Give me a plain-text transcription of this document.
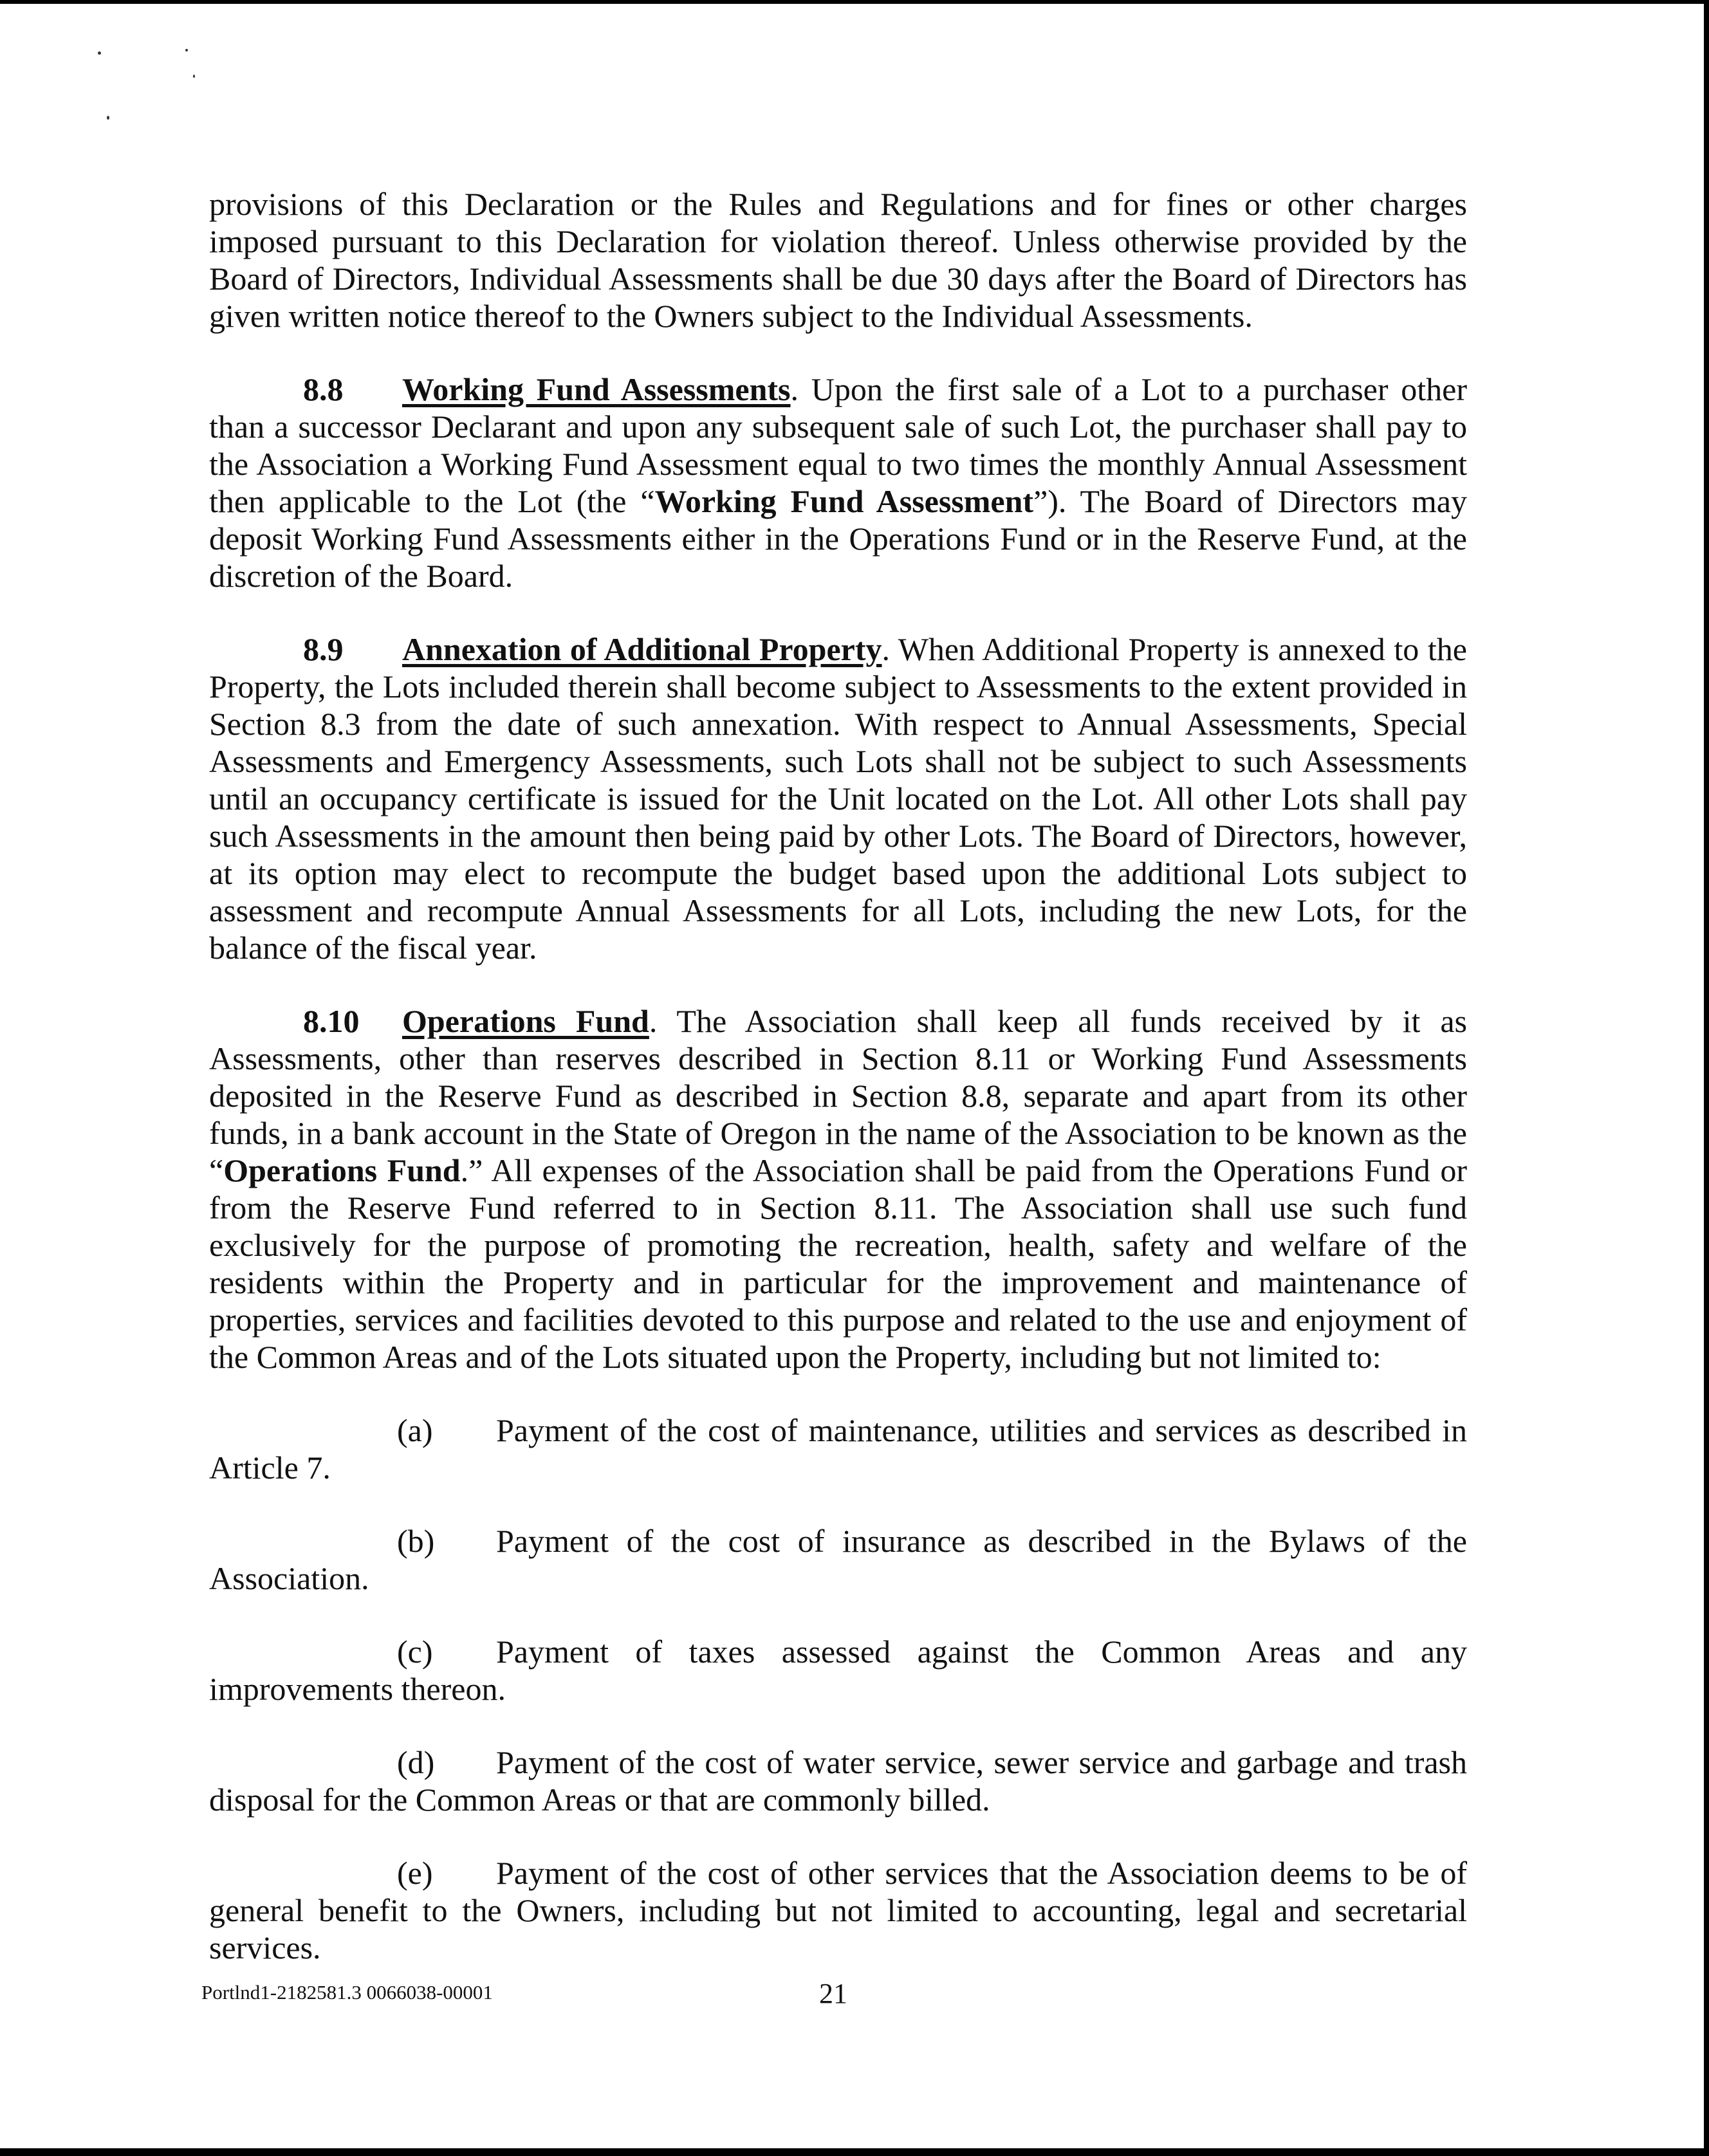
provisions of this Declaration or the Rules and Regulations and for fines or other charges imposed pursuant to this Declaration for violation thereof. Unless otherwise provided by the Board of Directors, Individual Assessments shall be due 30 days after the Board of Directors has given written notice thereof to the Owners subject to the Individual Assessments.

8.8 Working Fund Assessments. Upon the first sale of a Lot to a purchaser other than a successor Declarant and upon any subsequent sale of such Lot, the purchaser shall pay to the Association a Working Fund Assessment equal to two times the monthly Annual Assessment then applicable to the Lot (the “Working Fund Assessment”). The Board of Directors may deposit Working Fund Assessments either in the Operations Fund or in the Reserve Fund, at the discretion of the Board.

8.9 Annexation of Additional Property. When Additional Property is annexed to the Property, the Lots included therein shall become subject to Assessments to the extent provided in Section 8.3 from the date of such annexation. With respect to Annual Assessments, Special Assessments and Emergency Assessments, such Lots shall not be subject to such Assessments until an occupancy certificate is issued for the Unit located on the Lot. All other Lots shall pay such Assessments in the amount then being paid by other Lots. The Board of Directors, however, at its option may elect to recompute the budget based upon the additional Lots subject to assessment and recompute Annual Assessments for all Lots, including the new Lots, for the balance of the fiscal year.

8.10 Operations Fund. The Association shall keep all funds received by it as Assessments, other than reserves described in Section 8.11 or Working Fund Assessments deposited in the Reserve Fund as described in Section 8.8, separate and apart from its other funds, in a bank account in the State of Oregon in the name of the Association to be known as the “Operations Fund.” All expenses of the Association shall be paid from the Operations Fund or from the Reserve Fund referred to in Section 8.11. The Association shall use such fund exclusively for the purpose of promoting the recreation, health, safety and welfare of the residents within the Property and in particular for the improvement and maintenance of properties, services and facilities devoted to this purpose and related to the use and enjoyment of the Common Areas and of the Lots situated upon the Property, including but not limited to:

(a) Payment of the cost of maintenance, utilities and services as described in Article 7.

(b) Payment of the cost of insurance as described in the Bylaws of the Association.

(c) Payment of taxes assessed against the Common Areas and any improvements thereon.

(d) Payment of the cost of water service, sewer service and garbage and trash disposal for the Common Areas or that are commonly billed.

(e) Payment of the cost of other services that the Association deems to be of general benefit to the Owners, including but not limited to accounting, legal and secretarial services.

Portlnd1-2182581.3 0066038-00001	21
